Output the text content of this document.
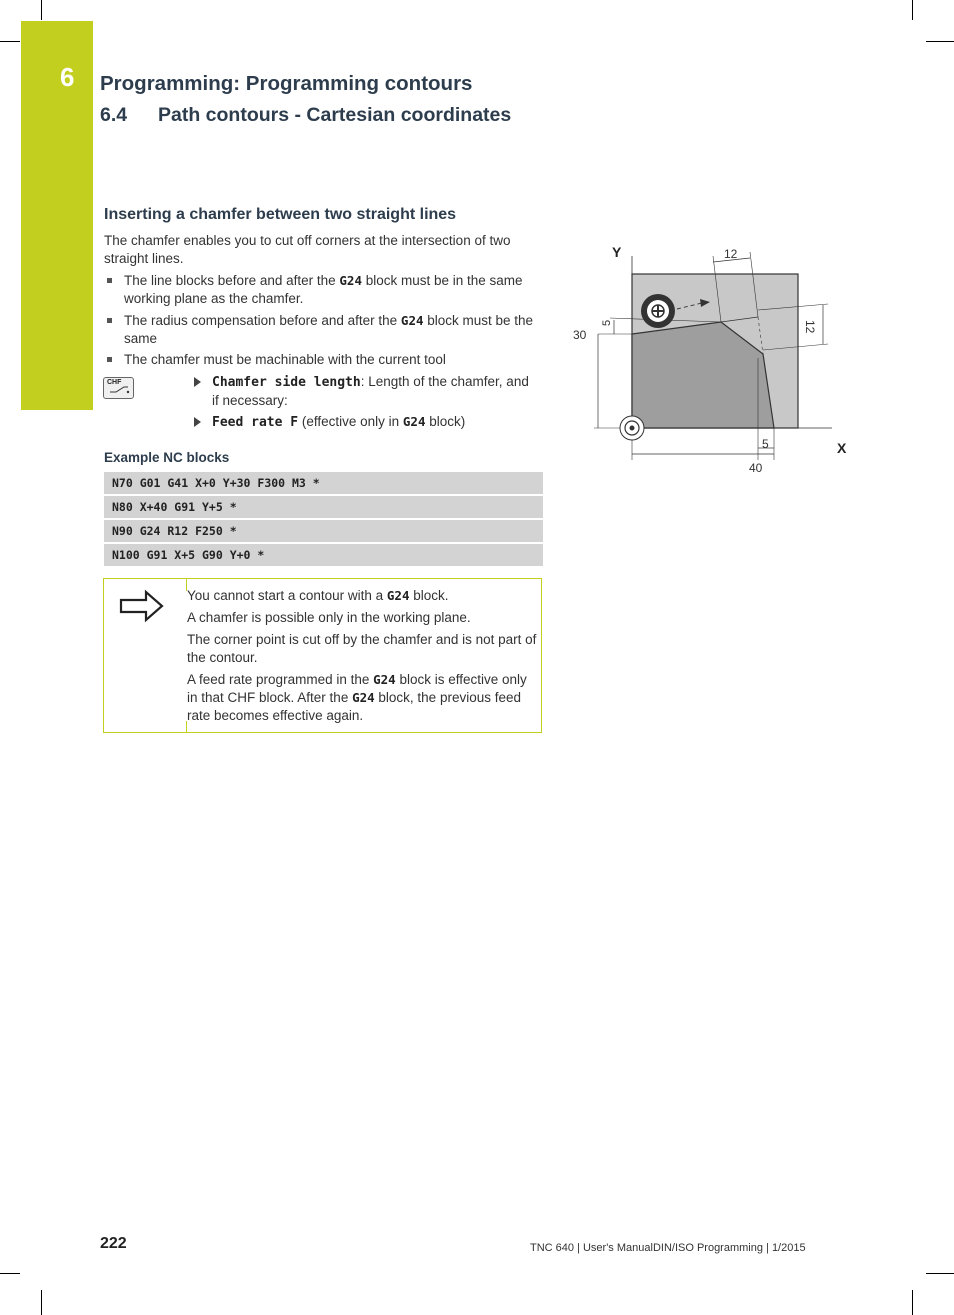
6 Programming: Programming contours
6.4 Path contours - Cartesian coordinates
Inserting a chamfer between two straight lines
The chamfer enables you to cut off corners at the intersection of two straight lines.
The line blocks before and after the G24 block must be in the same working plane as the chamfer.
The radius compensation before and after the G24 block must be the same
The chamfer must be machinable with the current tool
CHF	Chamfer side length: Length of the chamfer, and if necessary:
Feed rate F (effective only in G24 block)
Example NC blocks
N70 G01 G41 X+0 Y+30 F300 M3 *
N80 X+40 G91 Y+5 *
N90 G24 R12 F250 *
N100 G91 X+5 G90 Y+0 *
You cannot start a contour with a G24 block.
A chamfer is possible only in the working plane.
The corner point is cut off by the chamfer and is not part of the contour.
A feed rate programmed in the G24 block is effective only in that CHF block. After the G24 block, the previous feed rate becomes effective again.
Y
X
12
12
5
30
5
40
222	TNC 640 | User's ManualDIN/ISO Programming | 1/2015
